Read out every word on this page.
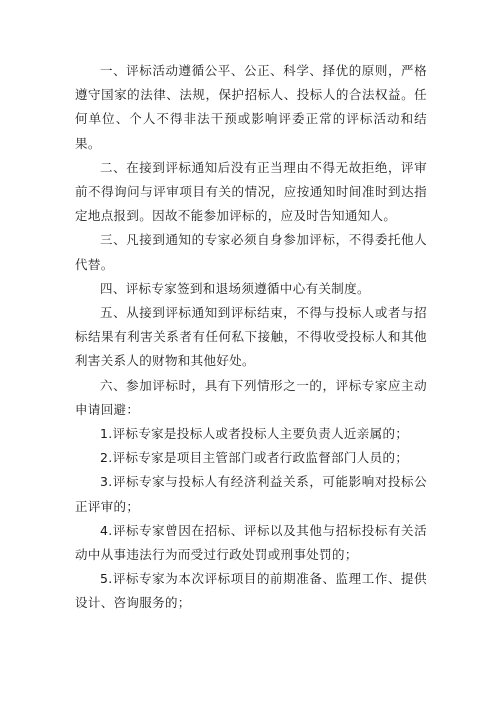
一、评标活动遵循公平、公正、科学、择优的原则，严格遵守国家的法律、法规，保护招标人、投标人的合法权益。任何单位、个人不得非法干预或影响评委正常的评标活动和结果。

二、在接到评标通知后没有正当理由不得无故拒绝，评审前不得询问与评审项目有关的情况，应按通知时间准时到达指定地点报到。因故不能参加评标的，应及时告知通知人。

三、凡接到通知的专家必须自身参加评标，不得委托他人代替。

四、评标专家签到和退场须遵循中心有关制度。

五、从接到评标通知到评标结束，不得与投标人或者与招标结果有利害关系者有任何私下接触，不得收受投标人和其他利害关系人的财物和其他好处。

六、参加评标时，具有下列情形之一的，评标专家应主动申请回避：

1.评标专家是投标人或者投标人主要负责人近亲属的；

2.评标专家是项目主管部门或者行政监督部门人员的；

3.评标专家与投标人有经济利益关系，可能影响对投标公正评审的；

4.评标专家曾因在招标、评标以及其他与招标投标有关活动中从事违法行为而受过行政处罚或刑事处罚的；

5.评标专家为本次评标项目的前期准备、监理工作、提供设计、咨询服务的；
